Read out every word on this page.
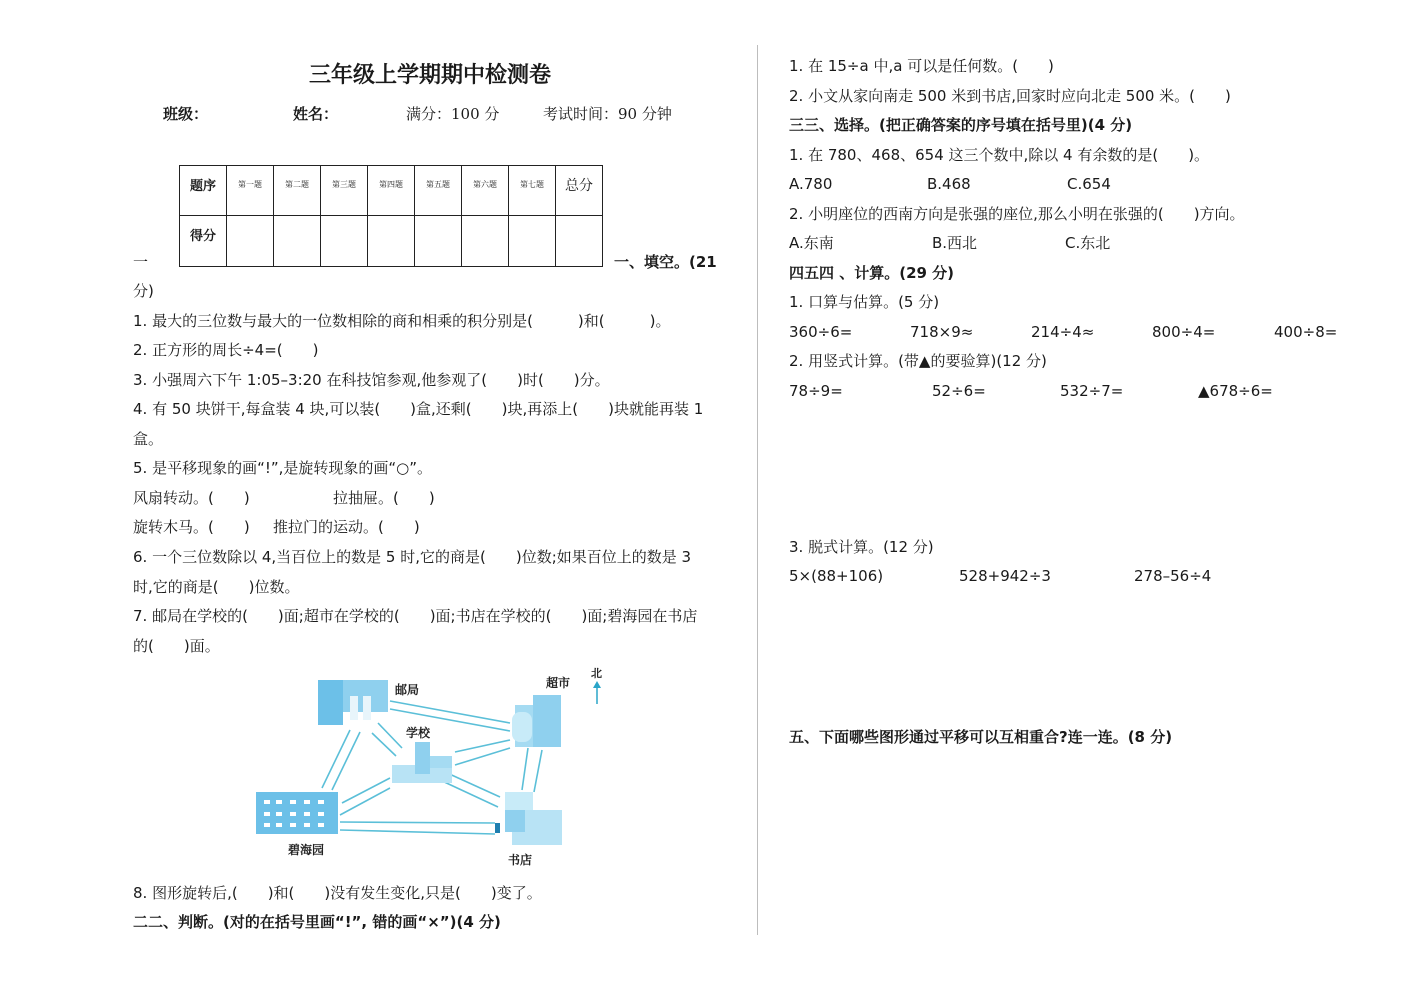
三年级上学期期中检测卷
班级：	姓名：	满分：100 分	考试时间：90 分钟
题序	第一题	第二题	第三题	第四题	第五题	第六题	第七题	总分
得分								
一	一、填空。(21
分)
1. 最大的三位数与最大的一位数相除的商和相乘的积分别是(　　　)和(　　　)。
2. 正方形的周长÷4=(　　)
3. 小强周六下午 1:05–3:20 在科技馆参观,他参观了(　　)时(　　)分。
4. 有 50 块饼干,每盒装 4 块,可以装(　　)盒,还剩(　　)块,再添上(　　)块就能再装 1
盒。
5. 是平移现象的画“!”,是旋转现象的画“○”。
风扇转动。(　　)	拉抽屉。(　　)
旋转木马。(　　) 推拉门的运动。(　　)
6. 一个三位数除以 4,当百位上的数是 5 时,它的商是(　　)位数;如果百位上的数是 3
时,它的商是(　　)位数。
7. 邮局在学校的(　　)面;超市在学校的(　　)面;书店在学校的(　　)面;碧海园在书店
的(　　)面。
邮局	超市
学校
碧海园
书店
北
8. 图形旋转后,(　　)和(　　)没有发生变化,只是(　　)变了。
二二、判断。(对的在括号里画“!”, 错的画“×”)(4 分)
1. 在 15÷a 中,a 可以是任何数。(　　)
2. 小文从家向南走 500 米到书店,回家时应向北走 500 米。(　　)
三三、选择。(把正确答案的序号填在括号里)(4 分)
1. 在 780、468、654 这三个数中,除以 4 有余数的是(　　)。
A.780	B.468	C.654
2. 小明座位的西南方向是张强的座位,那么小明在张强的(　　)方向。
A.东南	B.西北	C.东北
四五四 、计算。(29 分)
1. 口算与估算。(5 分)
360÷6=	718×9≈	214÷4≈	800÷4=	400÷8=
2. 用竖式计算。(带▲的要验算)(12 分)
78÷9=	52÷6=	532÷7=	▲678÷6=
3. 脱式计算。(12 分)
5×(88+106)	528+942÷3	278–56÷4
五、下面哪些图形通过平移可以互相重合?连一连。(8 分)
